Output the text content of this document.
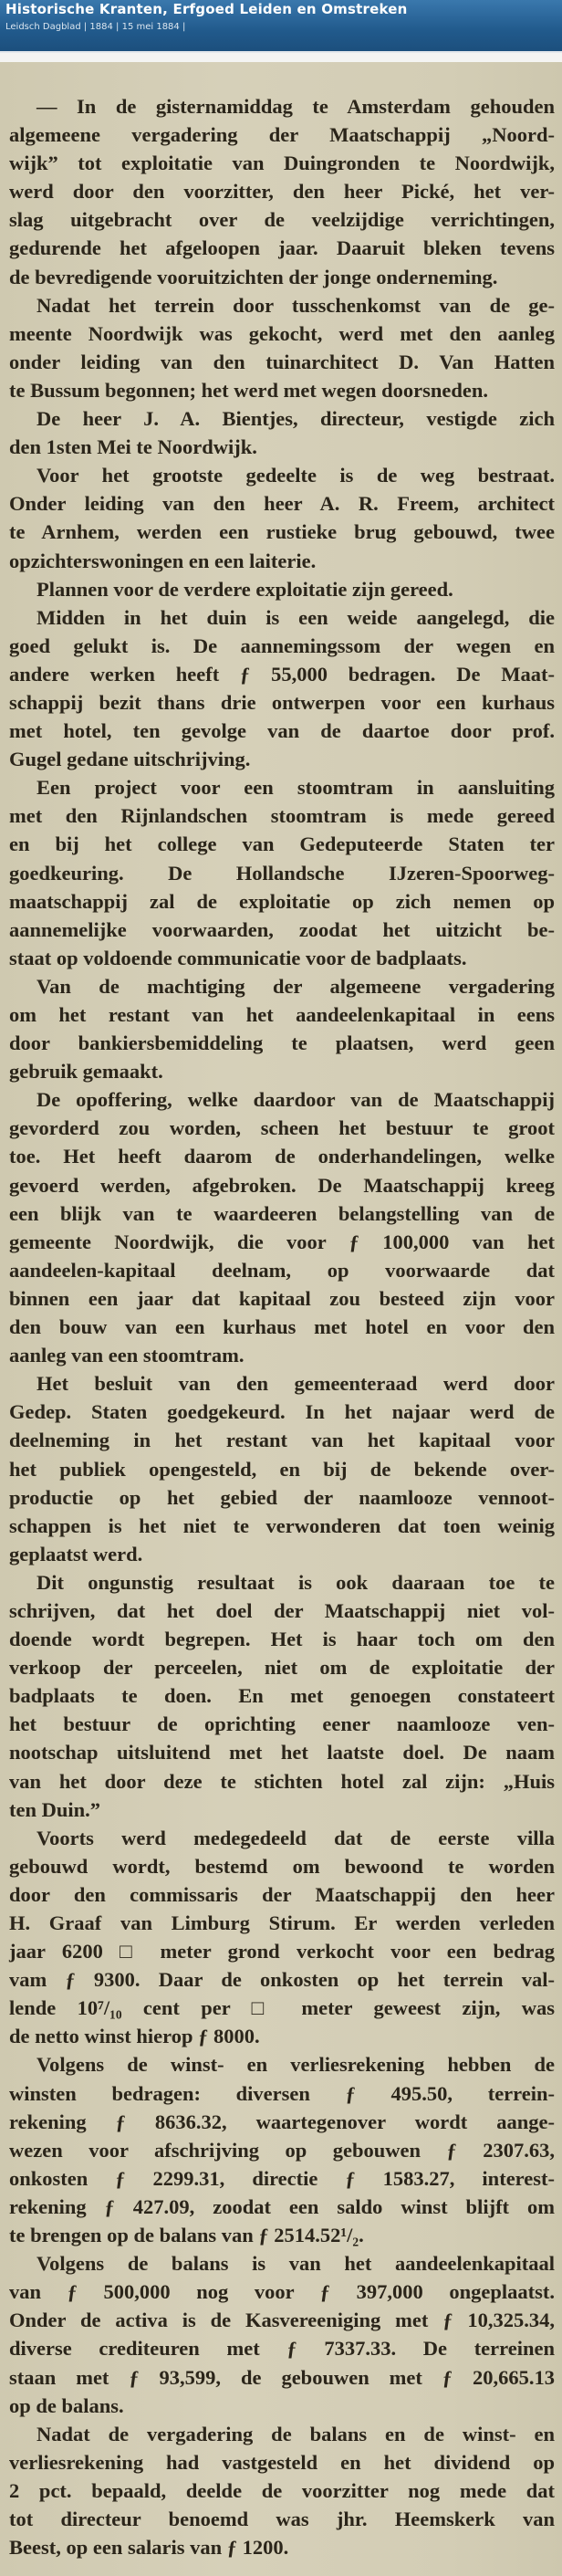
Historische Kranten, Erfgoed Leiden en Omstreken
Leidsch Dagblad | 1884 | 15 mei 1884 |
— In de gisternamiddag te Amsterdam gehouden
algemeene vergadering der Maatschappij „Noord-
wijk” tot exploitatie van Duingronden te Noordwijk,
werd door den voorzitter, den heer Pické, het ver-
slag uitgebracht over de veelzijdige verrichtingen,
gedurende het afgeloopen jaar. Daaruit bleken tevens
de bevredigende vooruitzichten der jonge onderneming.
Nadat het terrein door tusschenkomst van de ge-
meente Noordwijk was gekocht, werd met den aanleg
onder leiding van den tuinarchitect D. Van Hatten
te Bussum begonnen; het werd met wegen doorsneden.
De heer J. A. Bientjes, directeur, vestigde zich
den 1sten Mei te Noordwijk.
Voor het grootste gedeelte is de weg bestraat.
Onder leiding van den heer A. R. Freem, architect
te Arnhem, werden een rustieke brug gebouwd, twee
opzichterswoningen en een laiterie.
Plannen voor de verdere exploitatie zijn gereed.
Midden in het duin is een weide aangelegd, die
goed gelukt is. De aannemingssom der wegen en
andere werken heeft ƒ 55,000 bedragen. De Maat-
schappij bezit thans drie ontwerpen voor een kurhaus
met hotel, ten gevolge van de daartoe door prof.
Gugel gedane uitschrijving.
Een project voor een stoomtram in aansluiting
met den Rijnlandschen stoomtram is mede gereed
en bij het college van Gedeputeerde Staten ter
goedkeuring. De Hollandsche IJzeren-Spoorweg-
maatschappij zal de exploitatie op zich nemen op
aannemelijke voorwaarden, zoodat het uitzicht be-
staat op voldoende communicatie voor de badplaats.
Van de machtiging der algemeene vergadering
om het restant van het aandeelenkapitaal in eens
door bankiersbemiddeling te plaatsen, werd geen
gebruik gemaakt.
De opoffering, welke daardoor van de Maatschappij
gevorderd zou worden, scheen het bestuur te groot
toe. Het heeft daarom de onderhandelingen, welke
gevoerd werden, afgebroken. De Maatschappij kreeg
een blijk van te waardeeren belangstelling van de
gemeente Noordwijk, die voor ƒ 100,000 van het
aandeelen-kapitaal deelnam, op voorwaarde dat
binnen een jaar dat kapitaal zou besteed zijn voor
den bouw van een kurhaus met hotel en voor den
aanleg van een stoomtram.
Het besluit van den gemeenteraad werd door
Gedep. Staten goedgekeurd. In het najaar werd de
deelneming in het restant van het kapitaal voor
het publiek opengesteld, en bij de bekende over-
productie op het gebied der naamlooze vennoot-
schappen is het niet te verwonderen dat toen weinig
geplaatst werd.
Dit ongunstig resultaat is ook daaraan toe te
schrijven, dat het doel der Maatschappij niet vol-
doende wordt begrepen. Het is haar toch om den
verkoop der perceelen, niet om de exploitatie der
badplaats te doen. En met genoegen constateert
het bestuur de oprichting eener naamlooze ven-
nootschap uitsluitend met het laatste doel. De naam
van het door deze te stichten hotel zal zijn: „Huis
ten Duin.”
Voorts werd medegedeeld dat de eerste villa
gebouwd wordt, bestemd om bewoond te worden
door den commissaris der Maatschappij den heer
H. Graaf van Limburg Stirum. Er werden verleden
jaar 6200 □ meter grond verkocht voor een bedrag
vam ƒ 9300. Daar de onkosten op het terrein val-
lende 10⁷/₁₀ cent per □ meter geweest zijn, was
de netto winst hierop ƒ 8000.
Volgens de winst- en verliesrekening hebben de
winsten bedragen: diversen ƒ 495.50, terrein-
rekening ƒ 8636.32, waartegenover wordt aange-
wezen voor afschrijving op gebouwen ƒ 2307.63,
onkosten ƒ 2299.31, directie ƒ 1583.27, interest-
rekening ƒ 427.09, zoodat een saldo winst blijft om
te brengen op de balans van ƒ 2514.52¹/₂.
Volgens de balans is van het aandeelenkapitaal
van ƒ 500,000 nog voor ƒ 397,000 ongeplaatst.
Onder de activa is de Kasvereeniging met ƒ 10,325.34,
diverse crediteuren met ƒ 7337.33. De terreinen
staan met ƒ 93,599, de gebouwen met ƒ 20,665.13
op de balans.
Nadat de vergadering de balans en de winst- en
verliesrekening had vastgesteld en het dividend op
2 pct. bepaald, deelde de voorzitter nog mede dat
tot directeur benoemd was jhr. Heemskerk van
Beest, op een salaris van ƒ 1200.
